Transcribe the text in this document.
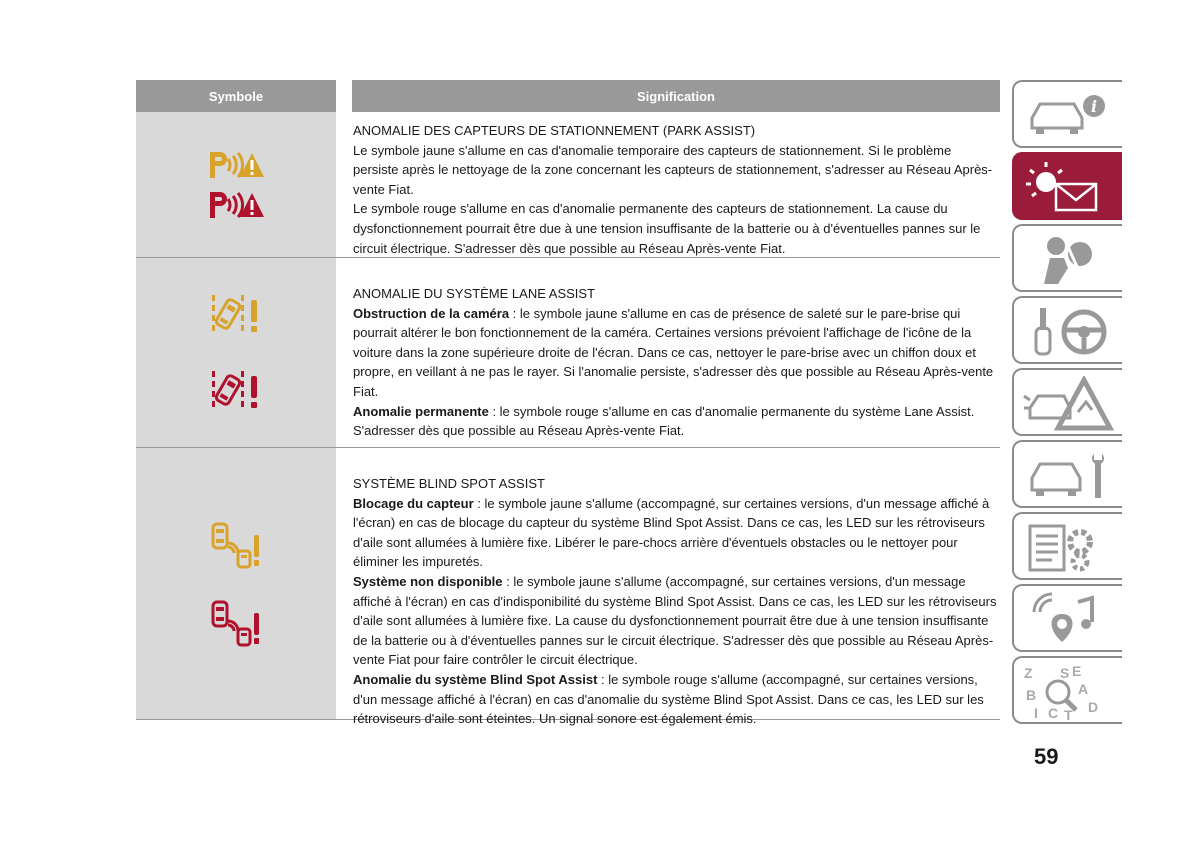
Symbole	Signification

ANOMALIE DES CAPTEURS DE STATIONNEMENT (PARK ASSIST)

Le symbole jaune s'allume en cas d'anomalie temporaire des capteurs de stationnement. Si le problème persiste après le nettoyage de la zone concernant les capteurs de stationnement, s'adresser au Réseau Après-vente Fiat.

Le symbole rouge s'allume en cas d'anomalie permanente des capteurs de stationnement. La cause du dysfonctionnement pourrait être due à une tension insuffisante de la batterie ou à d'éventuelles pannes sur le circuit électrique. S'adresser dès que possible au Réseau Après-vente Fiat.

ANOMALIE DU SYSTÈME LANE ASSIST

Obstruction de la caméra : le symbole jaune s'allume en cas de présence de saleté sur le pare-brise qui pourrait altérer le bon fonctionnement de la caméra. Certaines versions prévoient l'affichage de l'icône de la voiture dans la zone supérieure droite de l'écran. Dans ce cas, nettoyer le pare-brise avec un chiffon doux et propre, en veillant à ne pas le rayer. Si l'anomalie persiste, s'adresser dès que possible au Réseau Après-vente Fiat.

Anomalie permanente : le symbole rouge s'allume en cas d'anomalie permanente du système Lane Assist. S'adresser dès que possible au Réseau Après-vente Fiat.

SYSTÈME BLIND SPOT ASSIST

Blocage du capteur : le symbole jaune s'allume (accompagné, sur certaines versions, d'un message affiché à l'écran) en cas de blocage du capteur du système Blind Spot Assist. Dans ce cas, les LED sur les rétroviseurs d'aile sont allumées à lumière fixe. Libérer le pare-chocs arrière d'éventuels obstacles ou le nettoyer pour éliminer les impuretés.

Système non disponible : le symbole jaune s'allume (accompagné, sur certaines versions, d'un message affiché à l'écran) en cas d'indisponibilité du système Blind Spot Assist. Dans ce cas, les LED sur les rétroviseurs d'aile sont allumées à lumière fixe. La cause du dysfonctionnement pourrait être due à une tension insuffisante de la batterie ou à d'éventuelles pannes sur le circuit électrique. S'adresser dès que possible au Réseau Après-vente Fiat pour faire contrôler le circuit électrique.

Anomalie du système Blind Spot Assist : le symbole rouge s'allume (accompagné, sur certaines versions, d'un message affiché à l'écran) en cas d'anomalie du système Blind Spot Assist. Dans ce cas, les LED sur les rétroviseurs d'aile sont éteintes. Un signal sonore est également émis.

i
Z	E
A
B
C T D
I
S
59
